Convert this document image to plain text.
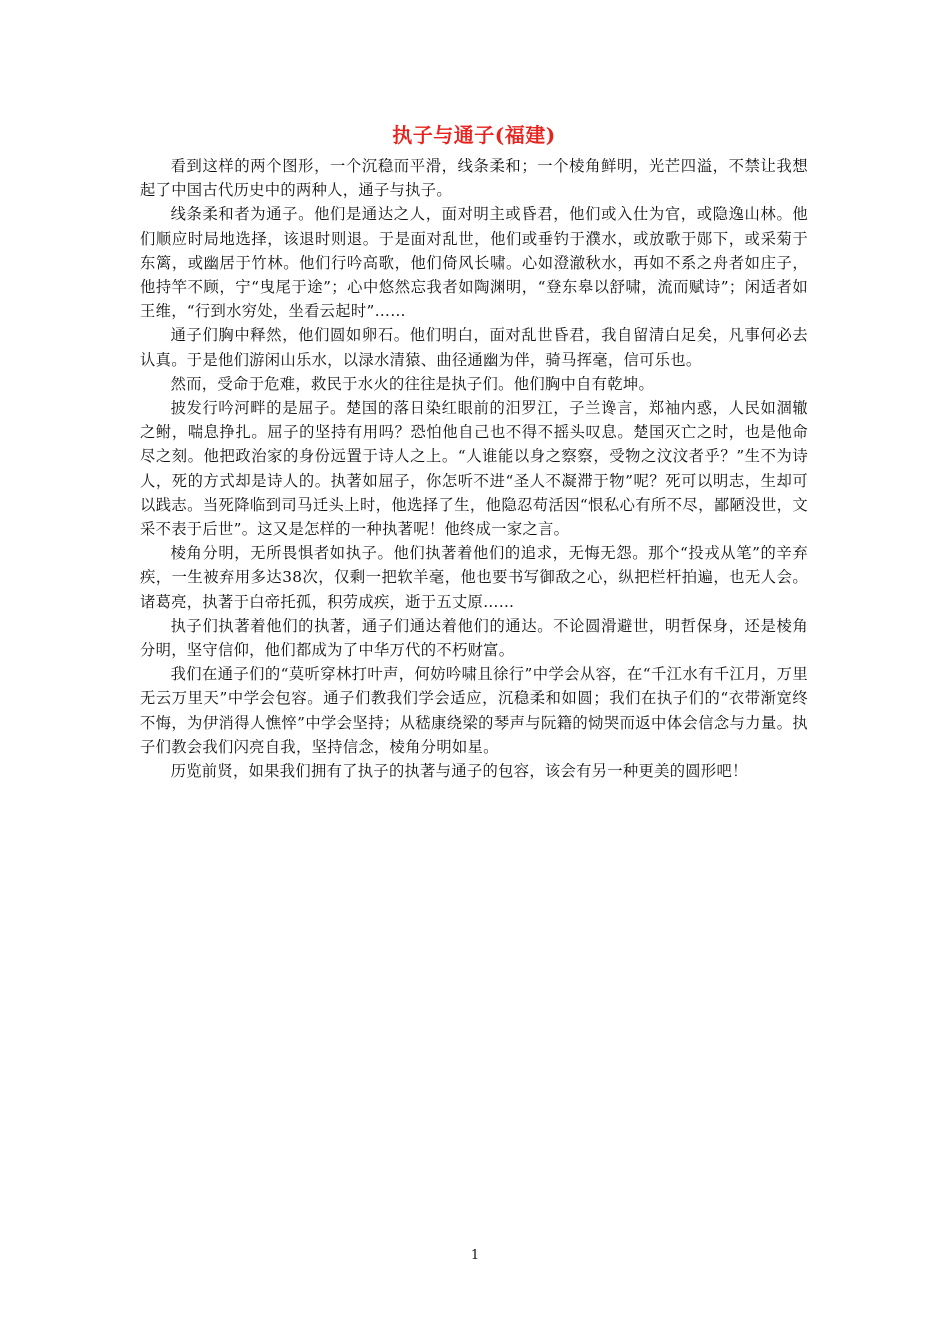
执子与通子(福建)

看到这样的两个图形，一个沉稳而平滑，线条柔和；一个棱角鲜明，光芒四溢，不禁让我想起了中国古代历史中的两种人，通子与执子。

线条柔和者为通子。他们是通达之人，面对明主或昏君，他们或入仕为官，或隐逸山林。他们顺应时局地选择，该退时则退。于是面对乱世，他们或垂钓于濮水，或放歌于郧下，或采菊于东篱，或幽居于竹林。他们行吟高歌，他们倚风长啸。心如澄澈秋水，再如不系之舟者如庄子，他持竿不顾，宁“曳尾于途”；心中悠然忘我者如陶渊明，“登东皋以舒啸，流而赋诗”；闲适者如王维，“行到水穷处，坐看云起时”……

通子们胸中释然，他们圆如卵石。他们明白，面对乱世昏君，我自留清白足矣，凡事何必去认真。于是他们游闲山乐水，以渌水清猿、曲径通幽为伴，骑马挥毫，信可乐也。

然而，受命于危难，救民于水火的往往是执子们。他们胸中自有乾坤。

披发行吟河畔的是屈子。楚国的落日染红眼前的汨罗江，子兰谗言，郑袖内惑，人民如涸辙之鲋，喘息挣扎。屈子的坚持有用吗？恐怕他自己也不得不摇头叹息。楚国灭亡之时，也是他命尽之刻。他把政治家的身份远置于诗人之上。“人谁能以身之察察，受物之汶汶者乎？”生不为诗人，死的方式却是诗人的。执著如屈子，你怎听不进“圣人不凝滞于物”呢？死可以明志，生却可以践志。当死降临到司马迁头上时，他选择了生，他隐忍苟活因“恨私心有所不尽，鄙陋没世，文采不表于后世”。这又是怎样的一种执著呢！他终成一家之言。

棱角分明，无所畏惧者如执子。他们执著着他们的追求，无悔无怨。那个“投戎从笔”的辛弃疾，一生被弃用多达38次，仅剩一把软羊毫，他也要书写御敌之心，纵把栏杆拍遍，也无人会。诸葛亮，执著于白帝托孤，积劳成疾，逝于五丈原……

执子们执著着他们的执著，通子们通达着他们的通达。不论圆滑避世，明哲保身，还是棱角分明，坚守信仰，他们都成为了中华万代的不朽财富。

我们在通子们的“莫听穿林打叶声，何妨吟啸且徐行”中学会从容，在“千江水有千江月，万里无云万里天”中学会包容。通子们教我们学会适应，沉稳柔和如圆；我们在执子们的“衣带渐宽终不悔，为伊消得人憔悴”中学会坚持；从嵇康绕梁的琴声与阮籍的恸哭而返中体会信念与力量。执子们教会我们闪亮自我，坚持信念，棱角分明如星。

历览前贤，如果我们拥有了执子的执著与通子的包容，该会有另一种更美的圆形吧！

1
